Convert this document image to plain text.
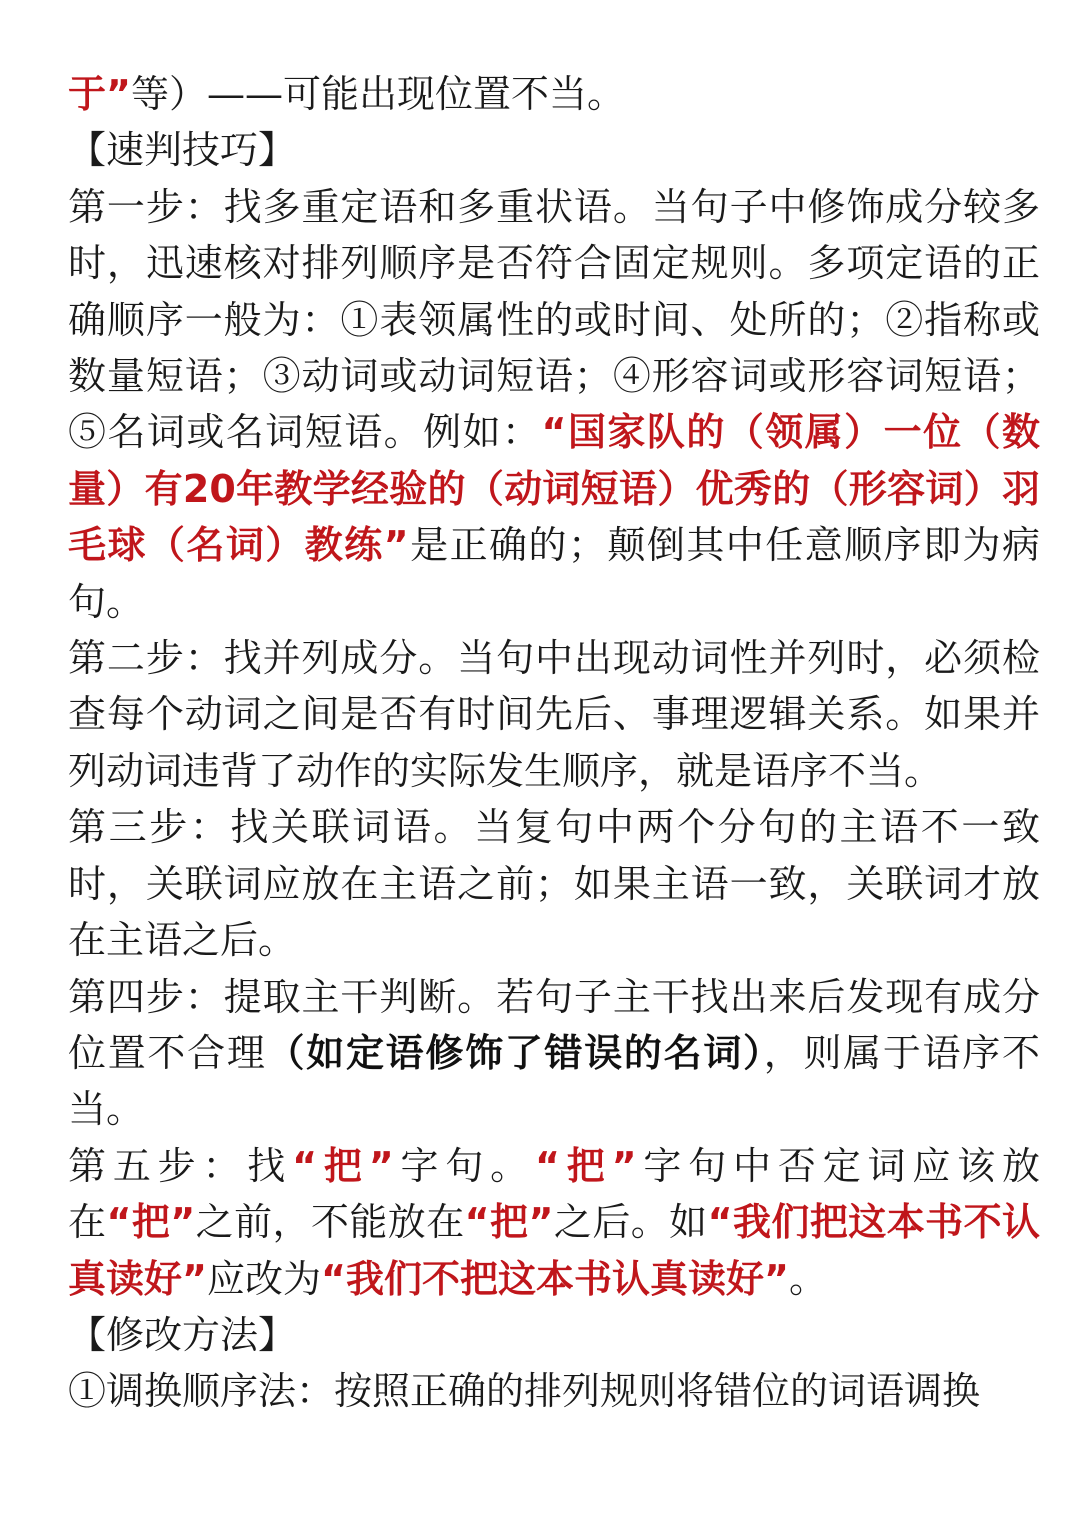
于”等）——可能出现位置不当。

【速判技巧】

第一步：找多重定语和多重状语。当句子中修饰成分较多时，迅速核对排列顺序是否符合固定规则。多项定语的正确顺序一般为：①表领属性的或时间、处所的；②指称或数量短语；③动词或动词短语；④形容词或形容词短语；⑤名词或名词短语。例如：“国家队的（领属）一位（数量）有20年教学经验的（动词短语）优秀的（形容词）羽毛球（名词）教练”是正确的；颠倒其中任意顺序即为病句。

第二步：找并列成分。当句中出现动词性并列时，必须检查每个动词之间是否有时间先后、事理逻辑关系。如果并列动词违背了动作的实际发生顺序，就是语序不当。

第三步：找关联词语。当复句中两个分句的主语不一致时，关联词应放在主语之前；如果主语一致，关联词才放在主语之后。

第四步：提取主干判断。若句子主干找出来后发现有成分位置不合理（如定语修饰了错误的名词），则属于语序不当。

第五步：找“把”字句。“把”字句中否定词应该放在“把”之前，不能放在“把”之后。如“我们把这本书不认真读好”应改为“我们不把这本书认真读好”。

【修改方法】

①调换顺序法：按照正确的排列规则将错位的词语调换
